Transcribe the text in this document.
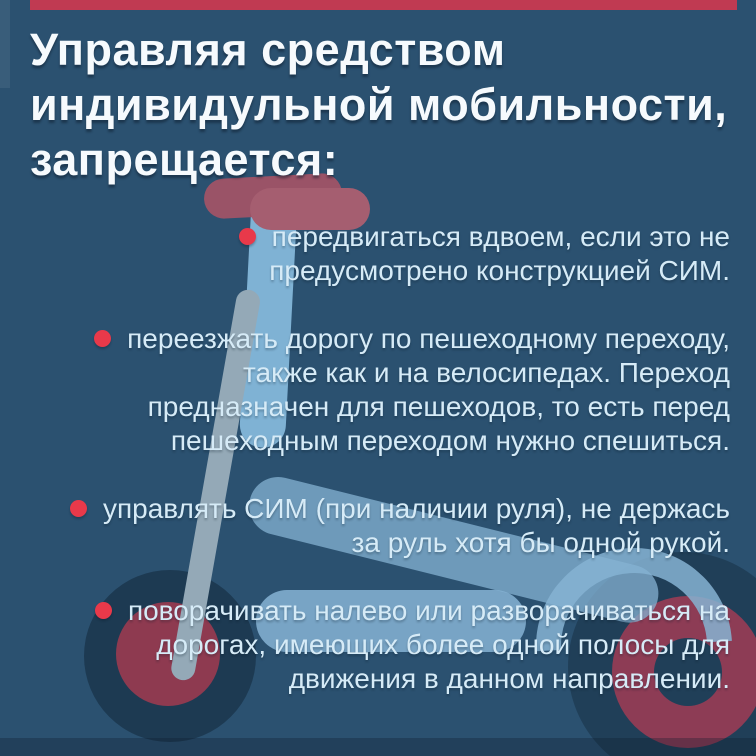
Управляя средством
индивидульной мобильности,
запрещается:
передвигаться вдвоем, если это не
предусмотрено конструкцией СИМ.
переезжать дорогу по пешеходному переходу,
также как и на велосипедах. Переход
предназначен для пешеходов, то есть перед
пешеходным переходом нужно спешиться.
управлять СИМ (при наличии руля), не держась
за руль хотя бы одной рукой.
поворачивать налево или разворачиваться на
дорогах, имеющих более одной полосы для
движения в данном направлении.
